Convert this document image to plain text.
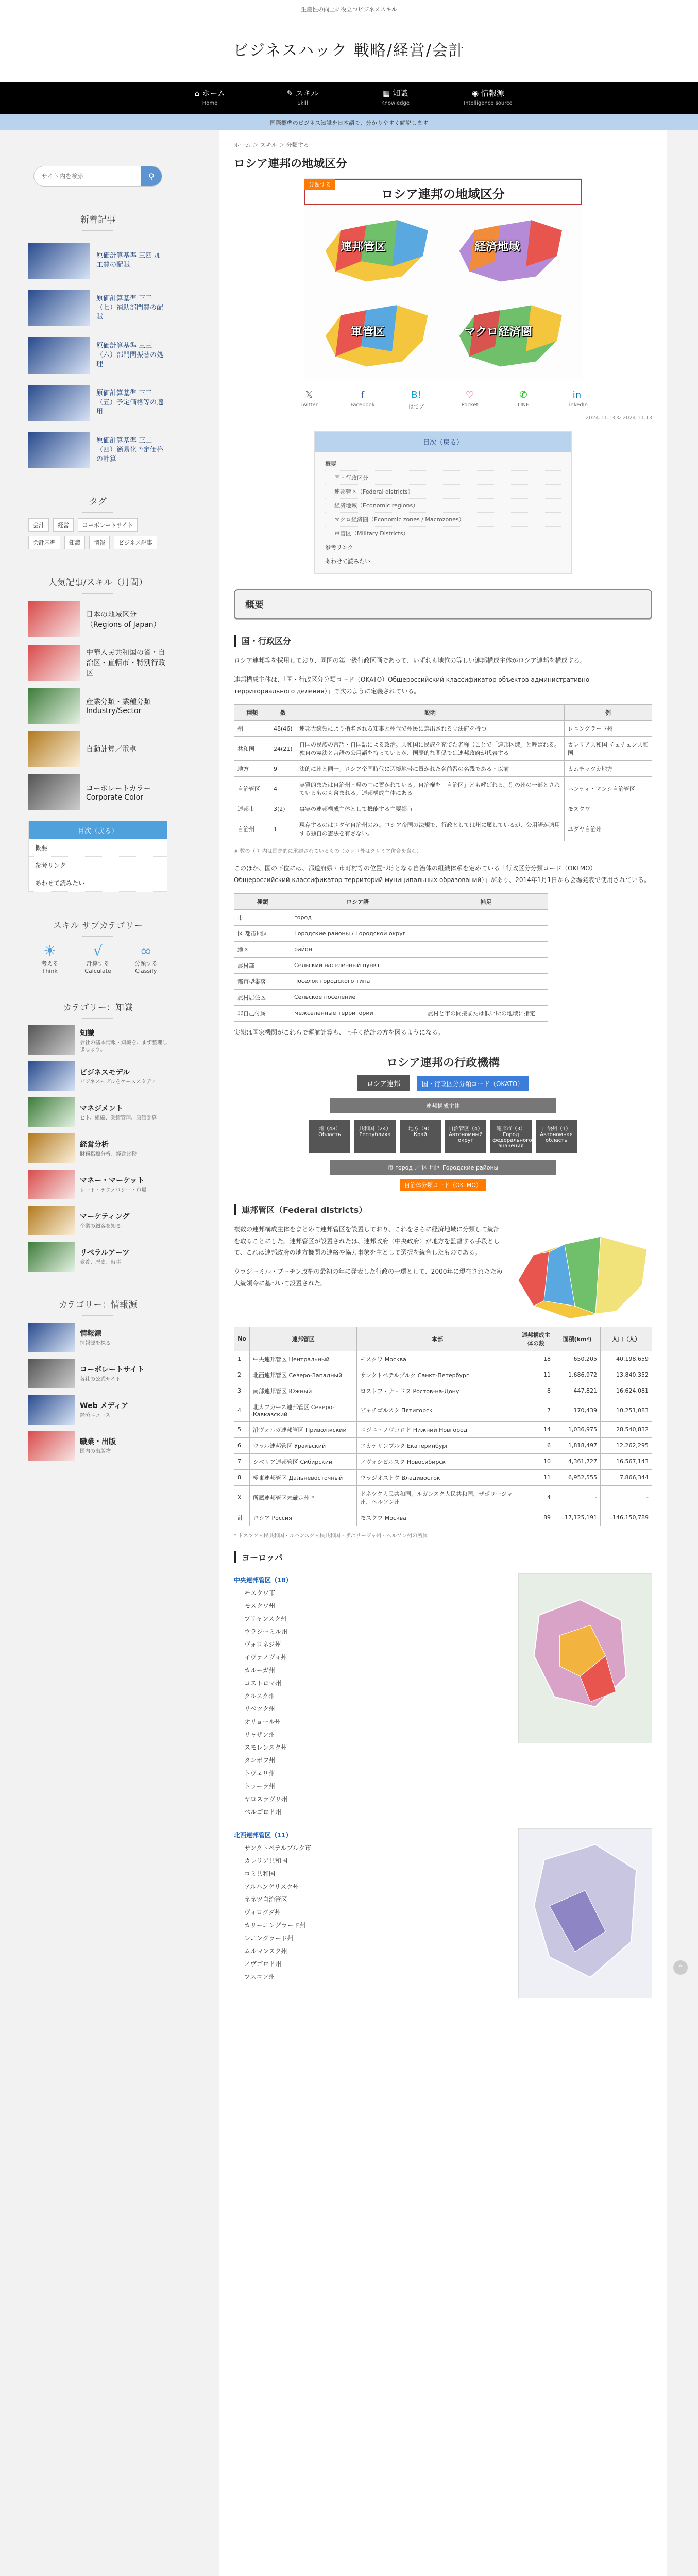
生産性の向上に役立つビジネススキル
ビジネスハック 戦略/経営/会計
⌂ ホーム
Home
✎ スキル
Skill
▦ 知識
Knowledge
◉ 情報源
Intelligence source
国際標準のビジネス知識を日本語で、分かりやすく解説します
サイト内を検索
⚲
新着記事
原価計算基準 三四 加工費の配賦
原価計算基準 三三（七）補助部門費の配賦
原価計算基準 三三（六）部門間振替の処理
原価計算基準 三三（五）予定価格等の適用
原価計算基準 三二（四）簡易化予定価格の計算
タグ
会計	経営	コーポレートサイト
会計基準	知識	情報	ビジネス記事
人気記事/スキル（月間）
日本の地域区分（Regions of Japan）
中華人民共和国の省・自治区・直轄市・特別行政区
産業分類・業種分類 Industry/Sector
自動計算／電卓
コーポレートカラー Corporate Color
目次（戻る）
概要
参考リンク
あわせて読みたい
スキル サブカテゴリー
☀
考える
Think
√
計算する
Calculate
∞
分類する
Classify
カテゴリー：知識
知識
会社の基本情報・知識を、まず整理しましょう。
ビジネスモデル
ビジネスモデルをケーススタディ
マネジメント
ヒト、組織、業績管理、原価計算
経営分析
財務指標分析、経営比較
マネー・マーケット
レート・テクノロジー・市場
マーケティング
企業の顧客を知る
リベラルアーツ
教養、歴史、時事
カテゴリー：情報源
情報源
情報源を探る
コーポレートサイト
各社の公式サイト
Web メディア
経済ニュース
職業・出版
国内の出版物
ホーム ＞ スキル ＞ 分類する
ロシア連邦の地域区分
ロシア連邦の地域区分
分類する
連邦管区	経済地域
軍管区	マクロ経済圏
𝕏
Twitter
f
Facebook
B!
はてブ
♡
Pocket
✆
LINE
in
LinkedIn
2024.11.13 ↻ 2024.11.13
目次（戻る）
概要
国・行政区分
連邦管区（Federal districts）
経済地域（Economic regions）
マクロ経済圏（Economic zones / Macrozones）
軍管区（Military Districts）
参考リンク
あわせて読みたい
概要
国・行政区分

ロシア連邦等を採用しており、同国の第一級行政区画であって、いずれも地位の等しい連邦構成主体がロシア連邦を構成する。

連邦構成主体は、「国・行政区分分類コード（OKATO）Общероссийский классификатор объектов административно-территориального деления）」で次のように定義されている。

種類	数	説明	例
州	48(46)	連邦大統領により指名される知事と州代で州民に選出される立法府を持つ	レニングラード州
共和国	24(21)	自国の民族の言語・自国語による政治。共和国に民族を充てた名称（ことで「連邦区域」と呼ばれる。独自の憲法と言語の公用語を持っているが、国際的な関係では連邦政府が代表する	カレリア共和国 チェチェン共和国
地方	9	法的に州と同一。ロシア帝国時代に辺境地帯に置かれた名前習の名残である・以前	カムチャツカ地方
自治管区	4	実質的または自治州・県の中に置かれている。自治権を「自治区」ども呼ばれる。別の州の一部とされているものも含まれる。連邦構成主体にある	ハンティ・マンシ自治管区
連邦市	3(2)	事実の連邦構成主体として機能する主要都市	モスクワ
自治州	1	現存するのはユダヤ自治州のみ。ロシア帝国の法規で、行政としては州に属しているが、公用語が適用する独自の憲法を有さない。	ユダヤ自治州
※ 数の（ ）内は国際的に承認されているもの（カッコ外はクリミア併合を含む）

このほか、国の下位には、都道府県・市町村等の位置づけとなる自治体の組織体系を定めている「行政区分分類コード（OKTMO）Общероссийский классификатор территорий муниципальных образований）」があり、2014年1月1日から会場発表で使用されている。

種類	ロシア語	補足
市	город	
区 都市地区	Городские районы / Городской округ	
地区	район	
農村部	Сельский населённый пункт	
都市型集落	посёлок городского типа	
農村居住区	Сельское поселение	
非自己付属	межселенные территории	農村と市の間接または低い所の地域に指定

実態は国家機関がこれらで運航計算も、上手く統計の方を図るようになる。

ロシア連邦の行政機構
ロシア連邦	国・行政区分分類コード（OKATO）
連邦構成主体
州（48）Область
共和国（24）Республика
地方（9）Край
自治管区（4）Автономный округ
連邦市（3）Город федерального значения
自治州（1）Автономная область
市 город ／ 区 地区 Городские районы
自治体分類コード（OKTMO）
連邦管区（Federal districts）

複数の連邦構成主体をまとめて連邦管区を設置しており、これをさらに経済地域に分類して統計を取ることにした。連邦管区が設置されたは、連邦政府（中央政府）が地方を監督する手段として、これは連邦政府の地方機関の連絡や協力事象を主として選択を統合したものである。

ウラジーミル・プーチン政権の最初の年に発表した行政の一環として、2000年に現在されたため大統領令に基づいて設置された。

No	連邦管区	本部	連邦構成主体の数	面積(km²)	人口（人）
1	中央連邦管区 Центральный	モスクワ Москва	18	650,205	40,198,659
2	北西連邦管区 Северо-Западный	サンクトペテルブルク Санкт-Петербург	11	1,686,972	13,840,352
3	南部連邦管区 Южный	ロストフ・ナ・ドヌ Ростов-на-Дону	8	447,821	16,624,081
4	北カフカース連邦管区 Северо-Кавказский	ピャチゴルスク Пятигорск	7	170,439	10,251,083
5	沿ヴォルガ連邦管区 Приволжский	ニジニ・ノヴゴロド Нижний Новгород	14	1,036,975	28,540,832
6	ウラル連邦管区 Уральский	エカテリンブルク Екатеринбург	6	1,818,497	12,262,295
7	シベリア連邦管区 Сибирский	ノヴォシビルスク Новосибирск	10	4,361,727	16,567,143
8	極東連邦管区 Дальневосточный	ウラジオストク Владивосток	11	6,952,555	7,866,344
X	所属連邦管区未確定州 *	ドネツク人民共和国、ルガンスク人民共和国、ザポリージャ州、ヘルソン州	4	-	-
計	ロシア Россия	モスクワ Москва	89	17,125,191	146,150,789
* ドネツク人民共和国・ルハンスク人民共和国・ザポリージャ州・ヘルソン州の所属
ヨーロッパ
中央連邦管区（18）
モスクワ市
モスクワ州
ブリャンスク州
ウラジーミル州
ヴォロネジ州
イヴァノヴォ州
カルーガ州
コストロマ州
クルスク州
リペツク州
オリョール州
リャザン州
スモレンスク州
タンボフ州
トヴェリ州
トゥーラ州
ヤロスラヴリ州
ベルゴロド州
北西連邦管区（11）
サンクトペテルブルク市
カレリア共和国
コミ共和国
アルハンゲリスク州
ネネツ自治管区
ヴォログダ州
カリーニングラード州
レニングラード州
ムルマンスク州
ノヴゴロド州
プスコフ州
⌃
